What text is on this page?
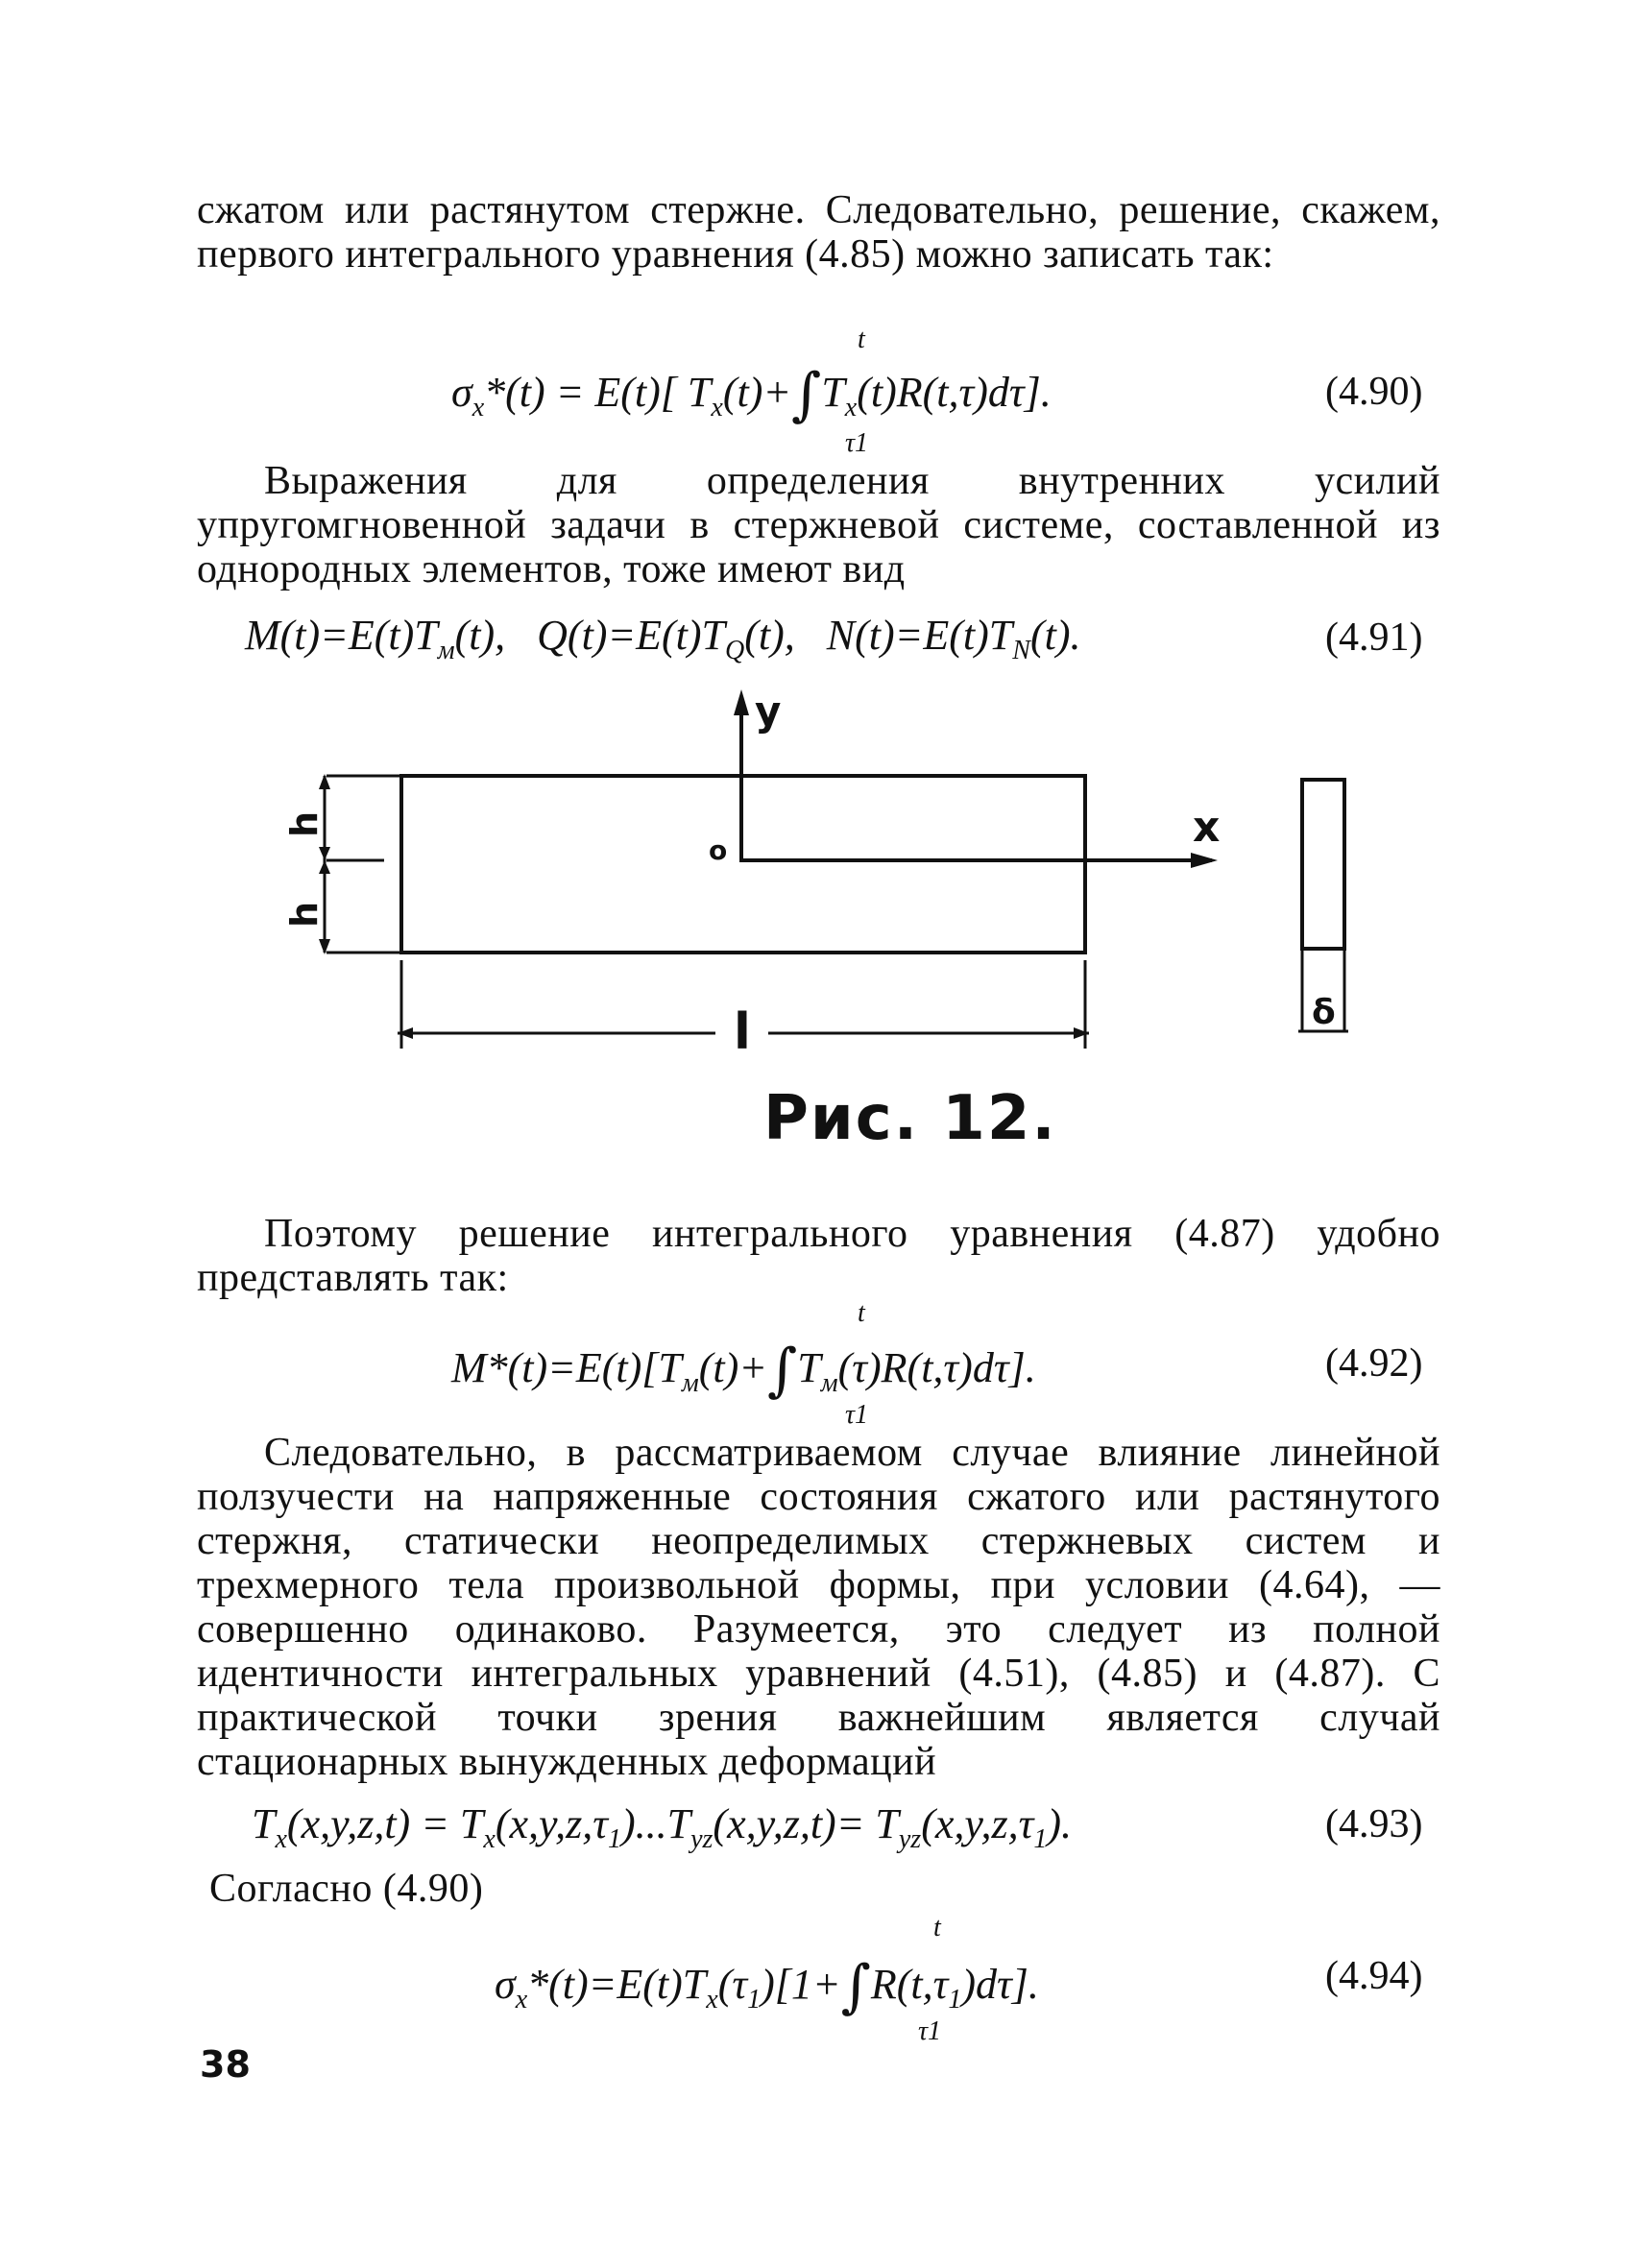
сжатом или растянутом стержне. Следовательно, решение, скажем, первого интегрального уравнения (4.85) можно записать так:

$\sigma_x*(t) = E(t)$[ $T_x(t)+\int T_x(t)R(t,\tau)d\tau$].
t
τ1
(4.90)

Выражения для определения внутренних усилий упругомгновенной задачи в стержневой системе, составленной из однородных элементов, тоже имеют вид

$M(t)=E(t)T_м(t)$,   $Q(t)=E(t)T_Q(t)$,   $N(t)=E(t)T_N(t)$.	(4.91)
y
x
o
h
h
l	δ
Рис. 12.

Поэтому решение интегрального уравнения (4.87) удобно представлять так:

$M*(t)=E(t)[T_м(t)+\int T_м(\tau)R(t,\tau)d\tau]$.
t
τ1
(4.92)

Следовательно, в рассматриваемом случае влияние линейной ползучести на напряженные состояния сжатого или растянутого стержня, статически неопределимых стержневых систем и трехмерного тела произвольной формы, при условии (4.64), — совершенно одинаково. Разумеется, это следует из полной идентичности интегральных уравнений (4.51), (4.85) и (4.87). С практической точки зрения важнейшим является случай стационарных вынужденных деформаций

$T_x(x,y,z,t) = T_x(x,y,z,\tau_1)...T_{yz}(x,y,z,t)= T_{yz}(x,y,z,\tau_1)$.	(4.93)

Согласно (4.90)

$\sigma_x*(t)=E(t)T_x(\tau_1)[1+\int R(t,\tau_1)d\tau]$.
t
τ1
(4.94)
38
